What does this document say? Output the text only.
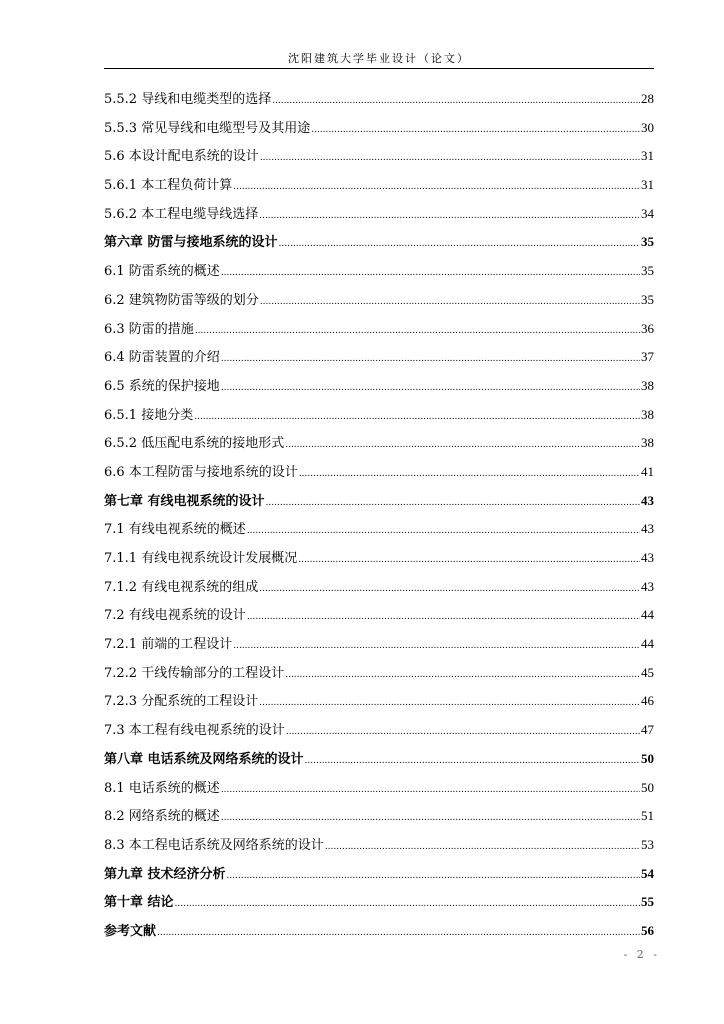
沈阳建筑大学毕业设计（论文）
5.5.2 导线和电缆类型的选择 .....	28
5.5.3 常见导线和电缆型号及其用途 .....	30
5.6 本设计配电系统的设计 .....	31
5.6.1 本工程负荷计算 .....	31
5.6.2 本工程电缆导线选择 .....	34
第六章 防雷与接地系统的设计 .....	35
6.1 防雷系统的概述 .....	35
6.2 建筑物防雷等级的划分 .....	35
6.3 防雷的措施 .....	36
6.4 防雷装置的介绍 .....	37
6.5 系统的保护接地 .....	38
6.5.1 接地分类 .....	38
6.5.2 低压配电系统的接地形式 .....	38
6.6 本工程防雷与接地系统的设计 .....	41
第七章 有线电视系统的设计 .....	43
7.1 有线电视系统的概述 .....	43
7.1.1 有线电视系统设计发展概况 .....	43
7.1.2 有线电视系统的组成 .....	43
7.2 有线电视系统的设计 .....	44
7.2.1 前端的工程设计 .....	44
7.2.2 干线传输部分的工程设计 .....	45
7.2.3 分配系统的工程设计 .....	46
7.3 本工程有线电视系统的设计 .....	47
第八章 电话系统及网络系统的设计 .....	50
8.1 电话系统的概述 .....	50
8.2 网络系统的概述 .....	51
8.3 本工程电话系统及网络系统的设计 .....	53
第九章 技术经济分析 .....	54
第十章 结论 .....	55
参考文献 .....	56
- 2 -
